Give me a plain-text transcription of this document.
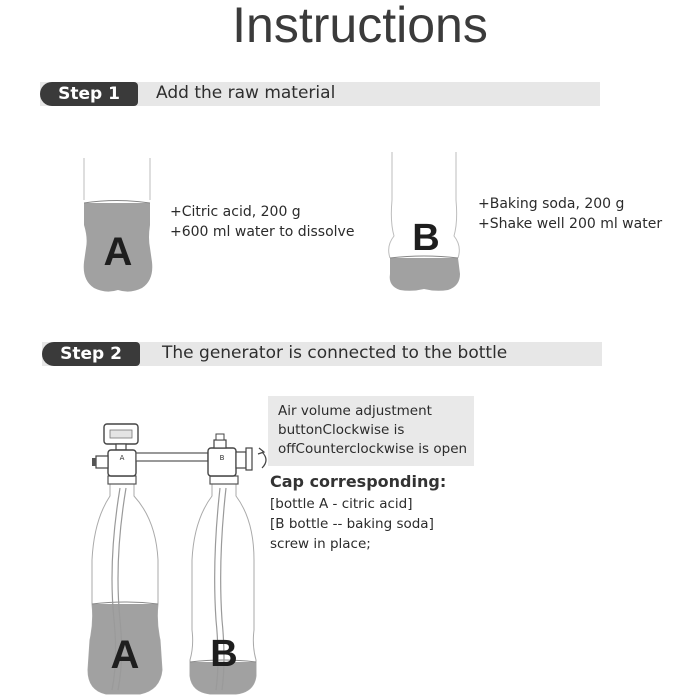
Instructions
Step 1	Add the raw material
A	B
+Citric acid, 200 g
+600 ml water to dissolve
+Baking soda, 200 g
+Shake well 200 ml water
Step 2	The generator is connected to the bottle
A B
A	B
Air volume adjustment
buttonClockwise is
offCounterclockwise is open
Cap corresponding:
[bottle A - citric acid]
[B bottle -- baking soda]
screw in place;
